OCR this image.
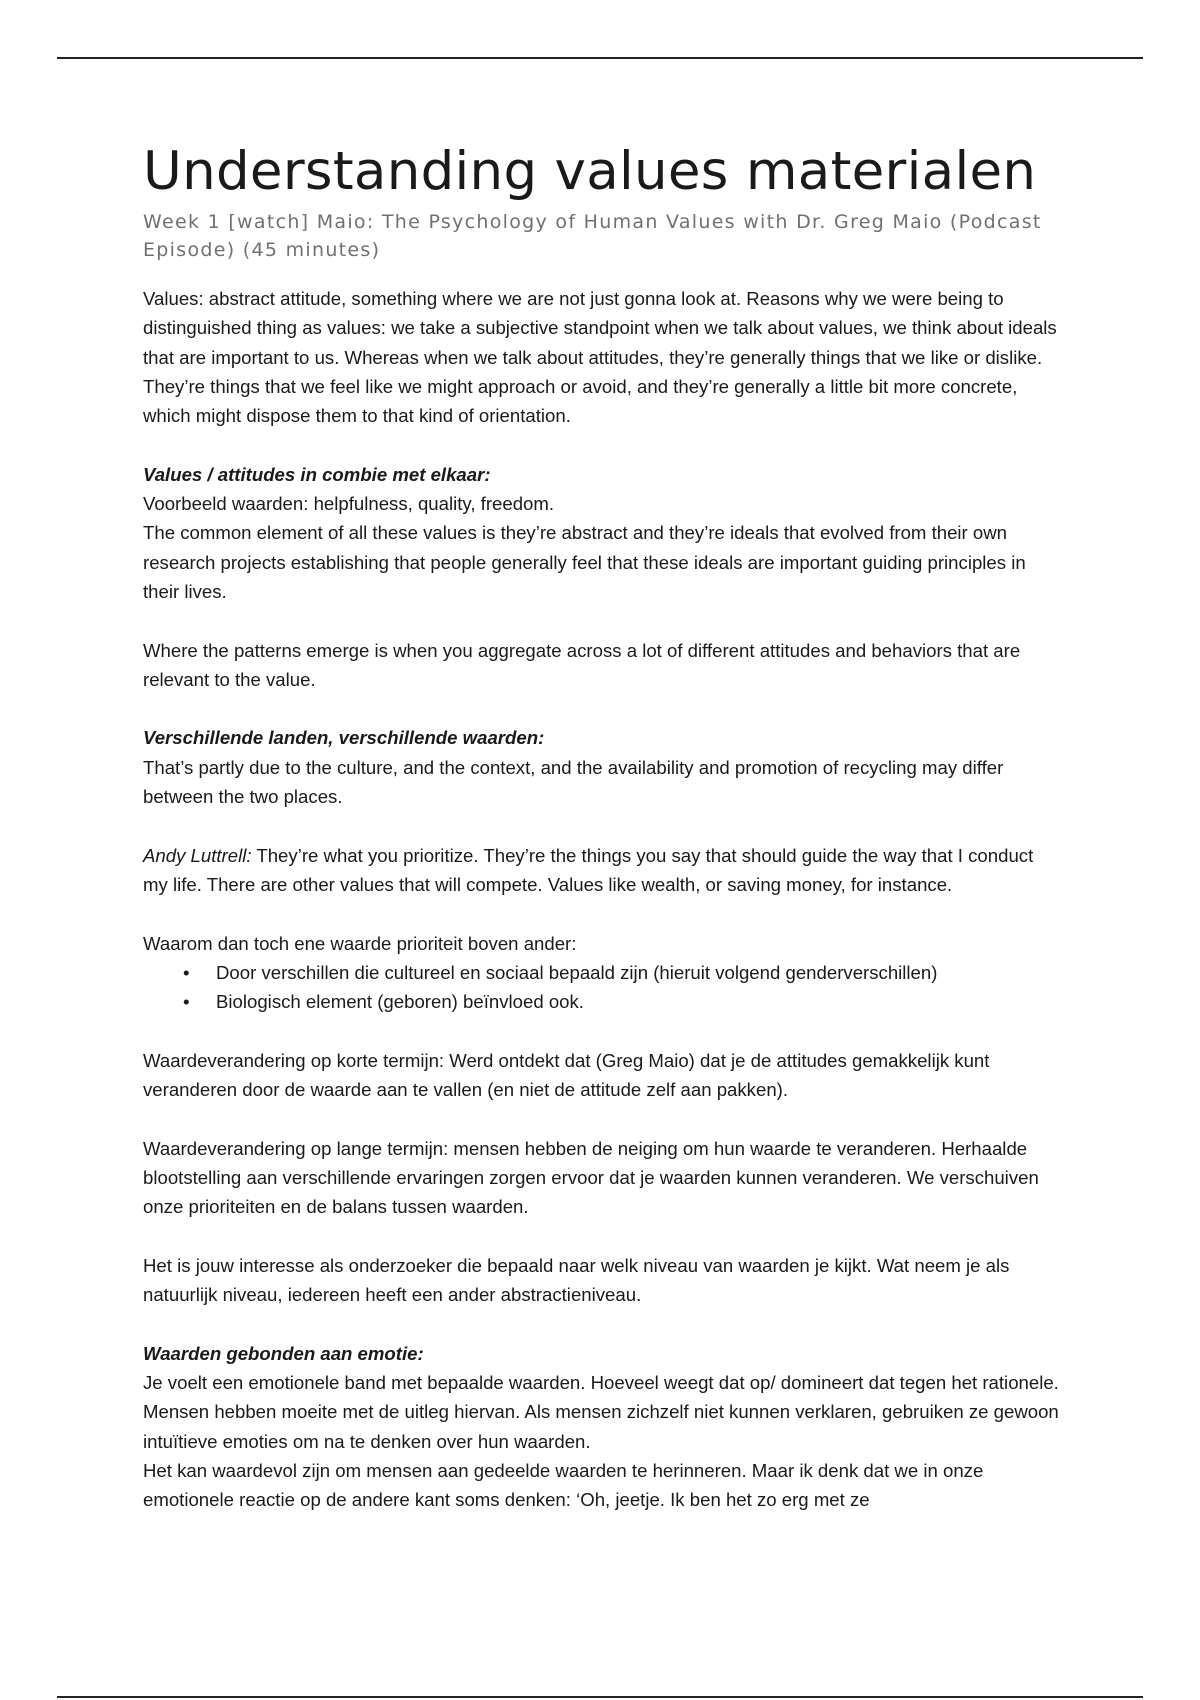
Understanding values materialen
Week 1 [watch] Maio: The Psychology of Human Values with Dr. Greg Maio (Podcast Episode) (45 minutes)

Values: abstract attitude, something where we are not just gonna look at. Reasons why we were being to distinguished thing as values: we take a subjective standpoint when we talk about values, we think about ideals that are important to us. Whereas when we talk about attitudes, they’re generally things that we like or dislike. They’re things that we feel like we might approach or avoid, and they’re generally a little bit more concrete, which might dispose them to that kind of orientation.

Values / attitudes in combie met elkaar:

Voorbeeld waarden: helpfulness, quality, freedom.

The common element of all these values is they’re abstract and they’re ideals that evolved from their own research projects establishing that people generally feel that these ideals are important guiding principles in their lives.

Where the patterns emerge is when you aggregate across a lot of different attitudes and behaviors that are relevant to the value.

Verschillende landen, verschillende waarden:

That’s partly due to the culture, and the context, and the availability and promotion of recycling may differ between the two places.

Andy Luttrell: They’re what you prioritize. They’re the things you say that should guide the way that I conduct my life. There are other values that will compete. Values like wealth, or saving money, for instance.

Waarom dan toch ene waarde prioriteit boven ander:

• Door verschillen die cultureel en sociaal bepaald zijn (hieruit volgend genderverschillen)
• Biologisch element (geboren) beïnvloed ook.

Waardeverandering op korte termijn: Werd ontdekt dat (Greg Maio) dat je de attitudes gemakkelijk kunt veranderen door de waarde aan te vallen (en niet de attitude zelf aan pakken).

Waardeverandering op lange termijn: mensen hebben de neiging om hun waarde te veranderen. Herhaalde blootstelling aan verschillende ervaringen zorgen ervoor dat je waarden kunnen veranderen. We verschuiven onze prioriteiten en de balans tussen waarden.

Het is jouw interesse als onderzoeker die bepaald naar welk niveau van waarden je kijkt. Wat neem je als natuurlijk niveau, iedereen heeft een ander abstractieniveau.

Waarden gebonden aan emotie:

Je voelt een emotionele band met bepaalde waarden. Hoeveel weegt dat op/ domineert dat tegen het rationele. Mensen hebben moeite met de uitleg hiervan. Als mensen zichzelf niet kunnen verklaren, gebruiken ze gewoon intuïtieve emoties om na te denken over hun waarden.

Het kan waardevol zijn om mensen aan gedeelde waarden te herinneren. Maar ik denk dat we in onze emotionele reactie op de andere kant soms denken: ‘Oh, jeetje. Ik ben het zo erg met ze
